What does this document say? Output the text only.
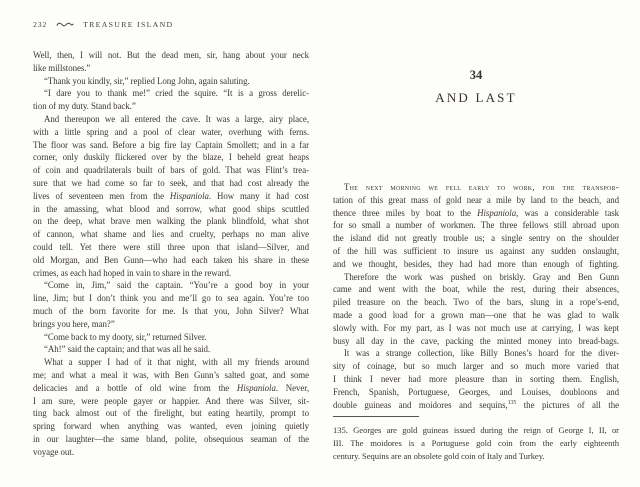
232	TREASURE ISLAND
Well, then, I will not. But the dead men, sir, hang about your neck
like millstones.”
“Thank you kindly, sir,” replied Long John, again saluting.
“I dare you to thank me!” cried the squire. “It is a gross derelic-
tion of my duty. Stand back.”
And thereupon we all entered the cave. It was a large, airy place,
with a little spring and a pool of clear water, overhung with ferns.
The floor was sand. Before a big fire lay Captain Smollett; and in a far
corner, only duskily flickered over by the blaze, I beheld great heaps
of coin and quadrilaterals built of bars of gold. That was Flint’s trea-
sure that we had come so far to seek, and that had cost already the
lives of seventeen men from the Hispaniola. How many it had cost
in the amassing, what blood and sorrow, what good ships scuttled
on the deep, what brave men walking the plank blindfold, what shot
of cannon, what shame and lies and cruelty, perhaps no man alive
could tell. Yet there were still three upon that island—Silver, and
old Morgan, and Ben Gunn—who had each taken his share in these
crimes, as each had hoped in vain to share in the reward.
“Come in, Jim,” said the captain. “You’re a good boy in your
line, Jim; but I don’t think you and me’ll go to sea again. You’re too
much of the born favorite for me. Is that you, John Silver? What
brings you here, man?”
“Come back to my dooty, sir,” returned Silver.
“Ah!” said the captain; and that was all he said.
What a supper I had of it that night, with all my friends around
me; and what a meal it was, with Ben Gunn’s salted goat, and some
delicacies and a bottle of old wine from the Hispaniola. Never,
I am sure, were people gayer or happier. And there was Silver, sit-
ting back almost out of the firelight, but eating heartily, prompt to
spring forward when anything was wanted, even joining quietly
in our laughter—the same bland, polite, obsequious seaman of the
voyage out.
34
AND LAST
The next morning we fell early to work, for the transpor-
tation of this great mass of gold near a mile by land to the beach, and
thence three miles by boat to the Hispaniola, was a considerable task
for so small a number of workmen. The three fellows still abroad upon
the island did not greatly trouble us; a single sentry on the shoulder
of the hill was sufficient to insure us against any sudden onslaught,
and we thought, besides, they had had more than enough of fighting.
Therefore the work was pushed on briskly. Gray and Ben Gunn
came and went with the boat, while the rest, during their absences,
piled treasure on the beach. Two of the bars, slung in a rope’s-end,
made a good load for a grown man—one that he was glad to walk
slowly with. For my part, as I was not much use at carrying, I was kept
busy all day in the cave, packing the minted money into bread-bags.
It was a strange collection, like Billy Bones’s hoard for the diver-
sity of coinage, but so much larger and so much more varied that
I think I never had more pleasure than in sorting them. English,
French, Spanish, Portuguese, Georges, and Louises, doubloons and
double guineas and moidores and sequins,$^{135}$ the pictures of all the
135. Georges are gold guineas issued during the reign of George I, II, or
III. The moidores is a Portuguese gold coin from the early eighteenth
century. Sequins are an obsolete gold coin of Italy and Turkey.
